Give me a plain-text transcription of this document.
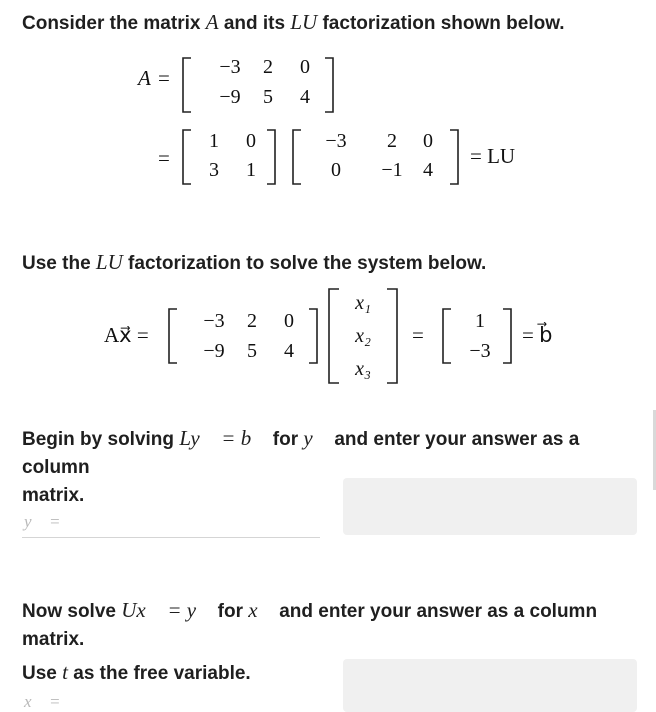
Consider the matrix A and its LU factorization shown below.
A =	−3	2	0
−9	5	4
=
1	0
3	1
−3	2	0
0	−1	4
= LU
Use the LU factorization to solve the system below.
Ax⃗ =
−3	2	0
−9	5	4
x₁
x₂
x₃
=
1
−3
= b⃗
Begin by solving Ly⃗ = b⃗ for y⃗ and enter your answer as a column
matrix.
y⃗ =
Now solve Ux⃗ = y⃗ for x⃗ and enter your answer as a column matrix.
Use t as the free variable.
x⃗ =
